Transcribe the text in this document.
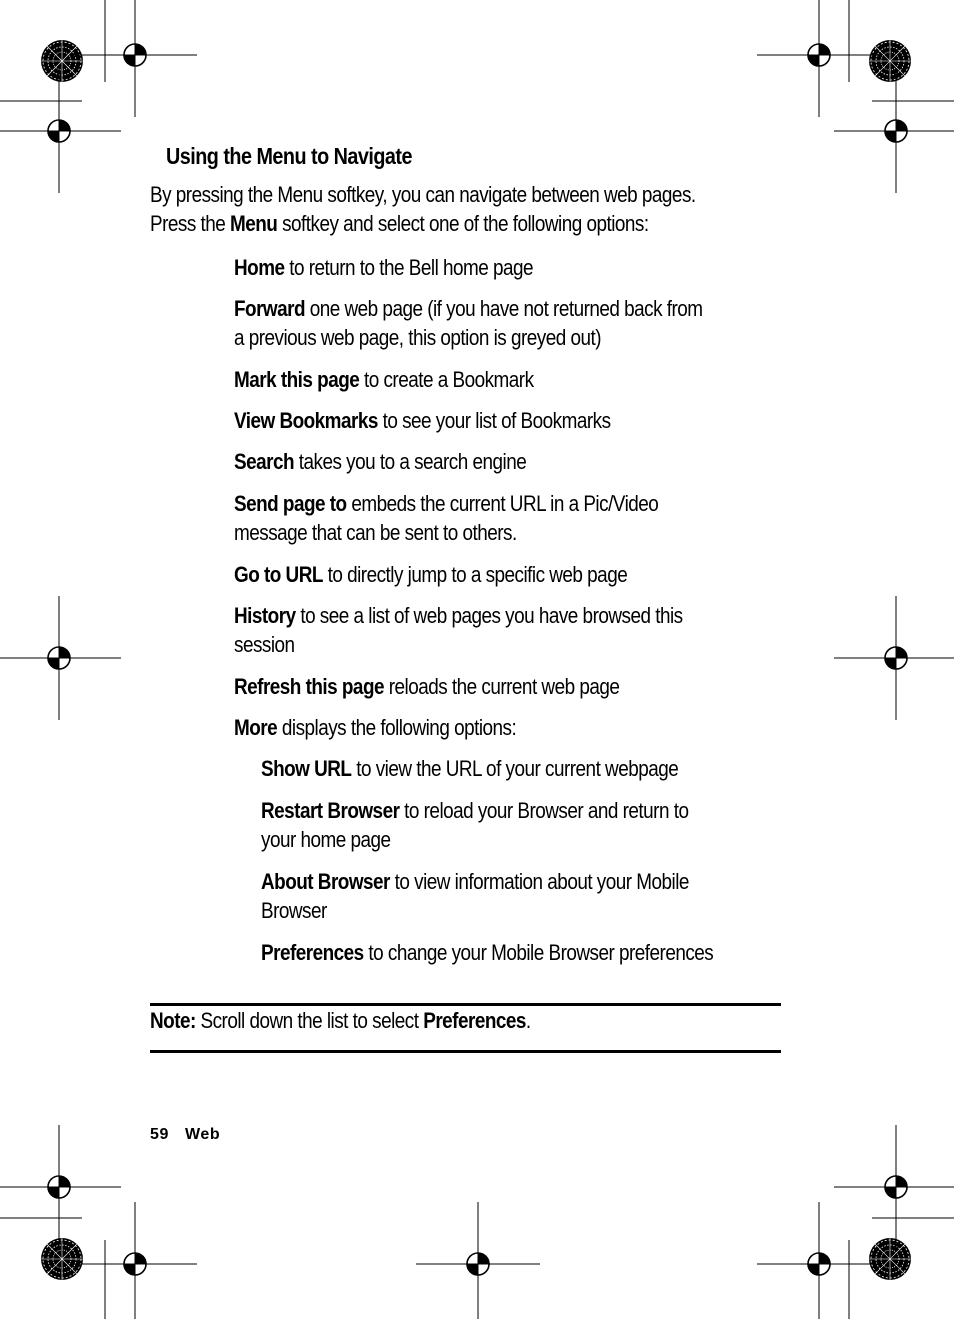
Using the Menu to Navigate
By pressing the Menu softkey, you can navigate between web pages.
Press the Menu softkey and select one of the following options:
Home to return to the Bell home page
Forward one web page (if you have not returned back from
a previous web page, this option is greyed out)
Mark this page to create a Bookmark
View Bookmarks to see your list of Bookmarks
Search takes you to a search engine
Send page to embeds the current URL in a Pic/Video
message that can be sent to others.
Go to URL to directly jump to a specific web page
History to see a list of web pages you have browsed this
session
Refresh this page reloads the current web page
More displays the following options:
Show URL to view the URL of your current webpage
Restart Browser to reload your Browser and return to
your home page
About Browser to view information about your Mobile
Browser
Preferences to change your Mobile Browser preferences
Note: Scroll down the list to select Preferences.
59 Web
